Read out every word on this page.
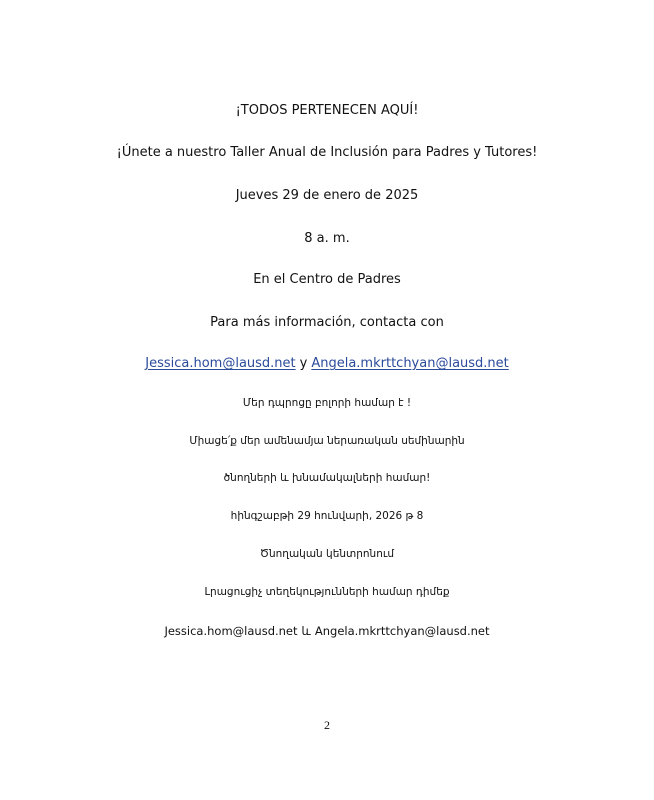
¡TODOS PERTENECEN AQUÍ!
¡Únete a nuestro Taller Anual de Inclusión para Padres y Tutores!
Jueves 29 de enero de 2025
8 a. m.
En el Centro de Padres
Para más información, contacta con
Jessica.hom@lausd.net y Angela.mkrttchyan@lausd.net
Մեր դպրոցը բոլորի համար է !
Միացե՛ք մեր ամենամյա ներառական սեմինարին
ծնողների և խնամակալների համար!
հինգշաբթի 29 հունվարի, 2026 թ 8
Ծնողական կենտրոնում
Լրացուցիչ տեղեկությունների համար դիմեք
Jessica.hom@lausd.net և Angela.mkrttchyan@lausd.net
2
